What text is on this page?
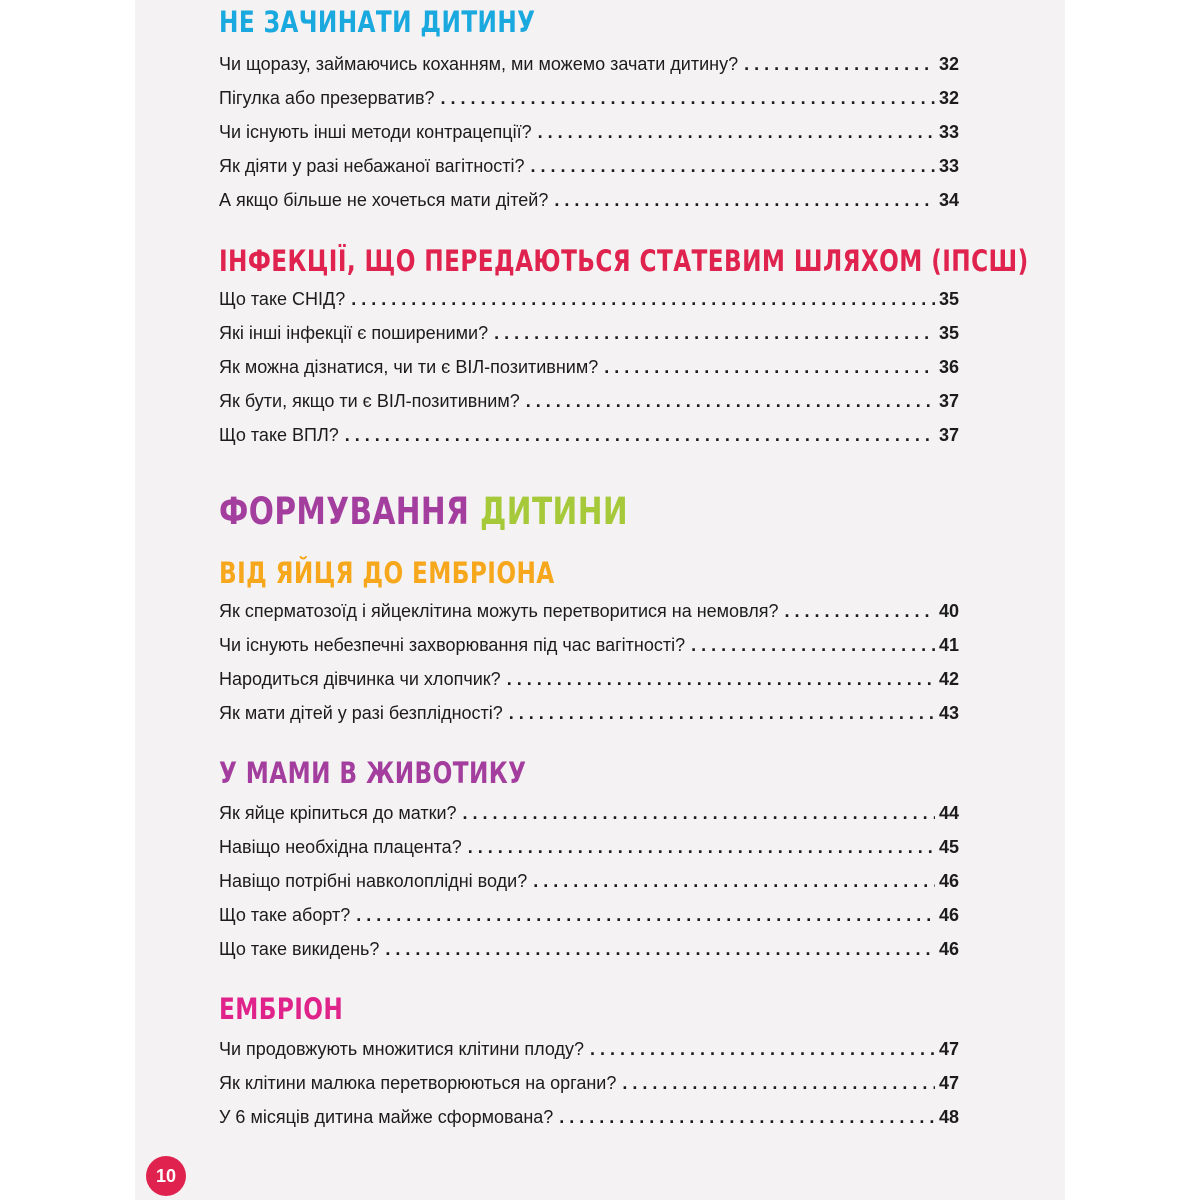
НЕ ЗАЧИНАТИ ДИТИНУ
Чи щоразу, займаючись коханням, ми можемо зачати дитину? .....	32
Пігулка або презерватив? .....	32
Чи існують інші методи контрацепції? .....	33
Як діяти у разі небажаної вагітності? .....	33
А якщо більше не хочеться мати дітей? .....	34
ІНФЕКЦІЇ, ЩО ПЕРЕДАЮТЬСЯ СТАТЕВИМ ШЛЯХОМ (ІПСШ)
Що таке СНІД? .....	35
Які інші інфекції є поширеними? .....	35
Як можна дізнатися, чи ти є ВІЛ-позитивним? .....	36
Як бути, якщо ти є ВІЛ-позитивним? .....	37
Що таке ВПЛ? .....	37
ФОРМУВАННЯ ДИТИНИ
ВІД ЯЙЦЯ ДО ЕМБРІОНА
Як сперматозоїд і яйцеклітина можуть перетворитися на немовля? .....	40
Чи існують небезпечні захворювання під час вагітності? .....	41
Народиться дівчинка чи хлопчик? .....	42
Як мати дітей у разі безплідності? .....	43
У МАМИ В ЖИВОТИКУ
Як яйце кріпиться до матки? .....	44
Навіщо необхідна плацента? .....	45
Навіщо потрібні навколоплідні води? .....	46
Що таке аборт? .....	46
Що таке викидень? .....	46
ЕМБРІОН
Чи продовжують множитися клітини плоду? .....	47
Як клітини малюка перетворюються на органи? .....	47
У 6 місяців дитина майже сформована? .....	48
10
